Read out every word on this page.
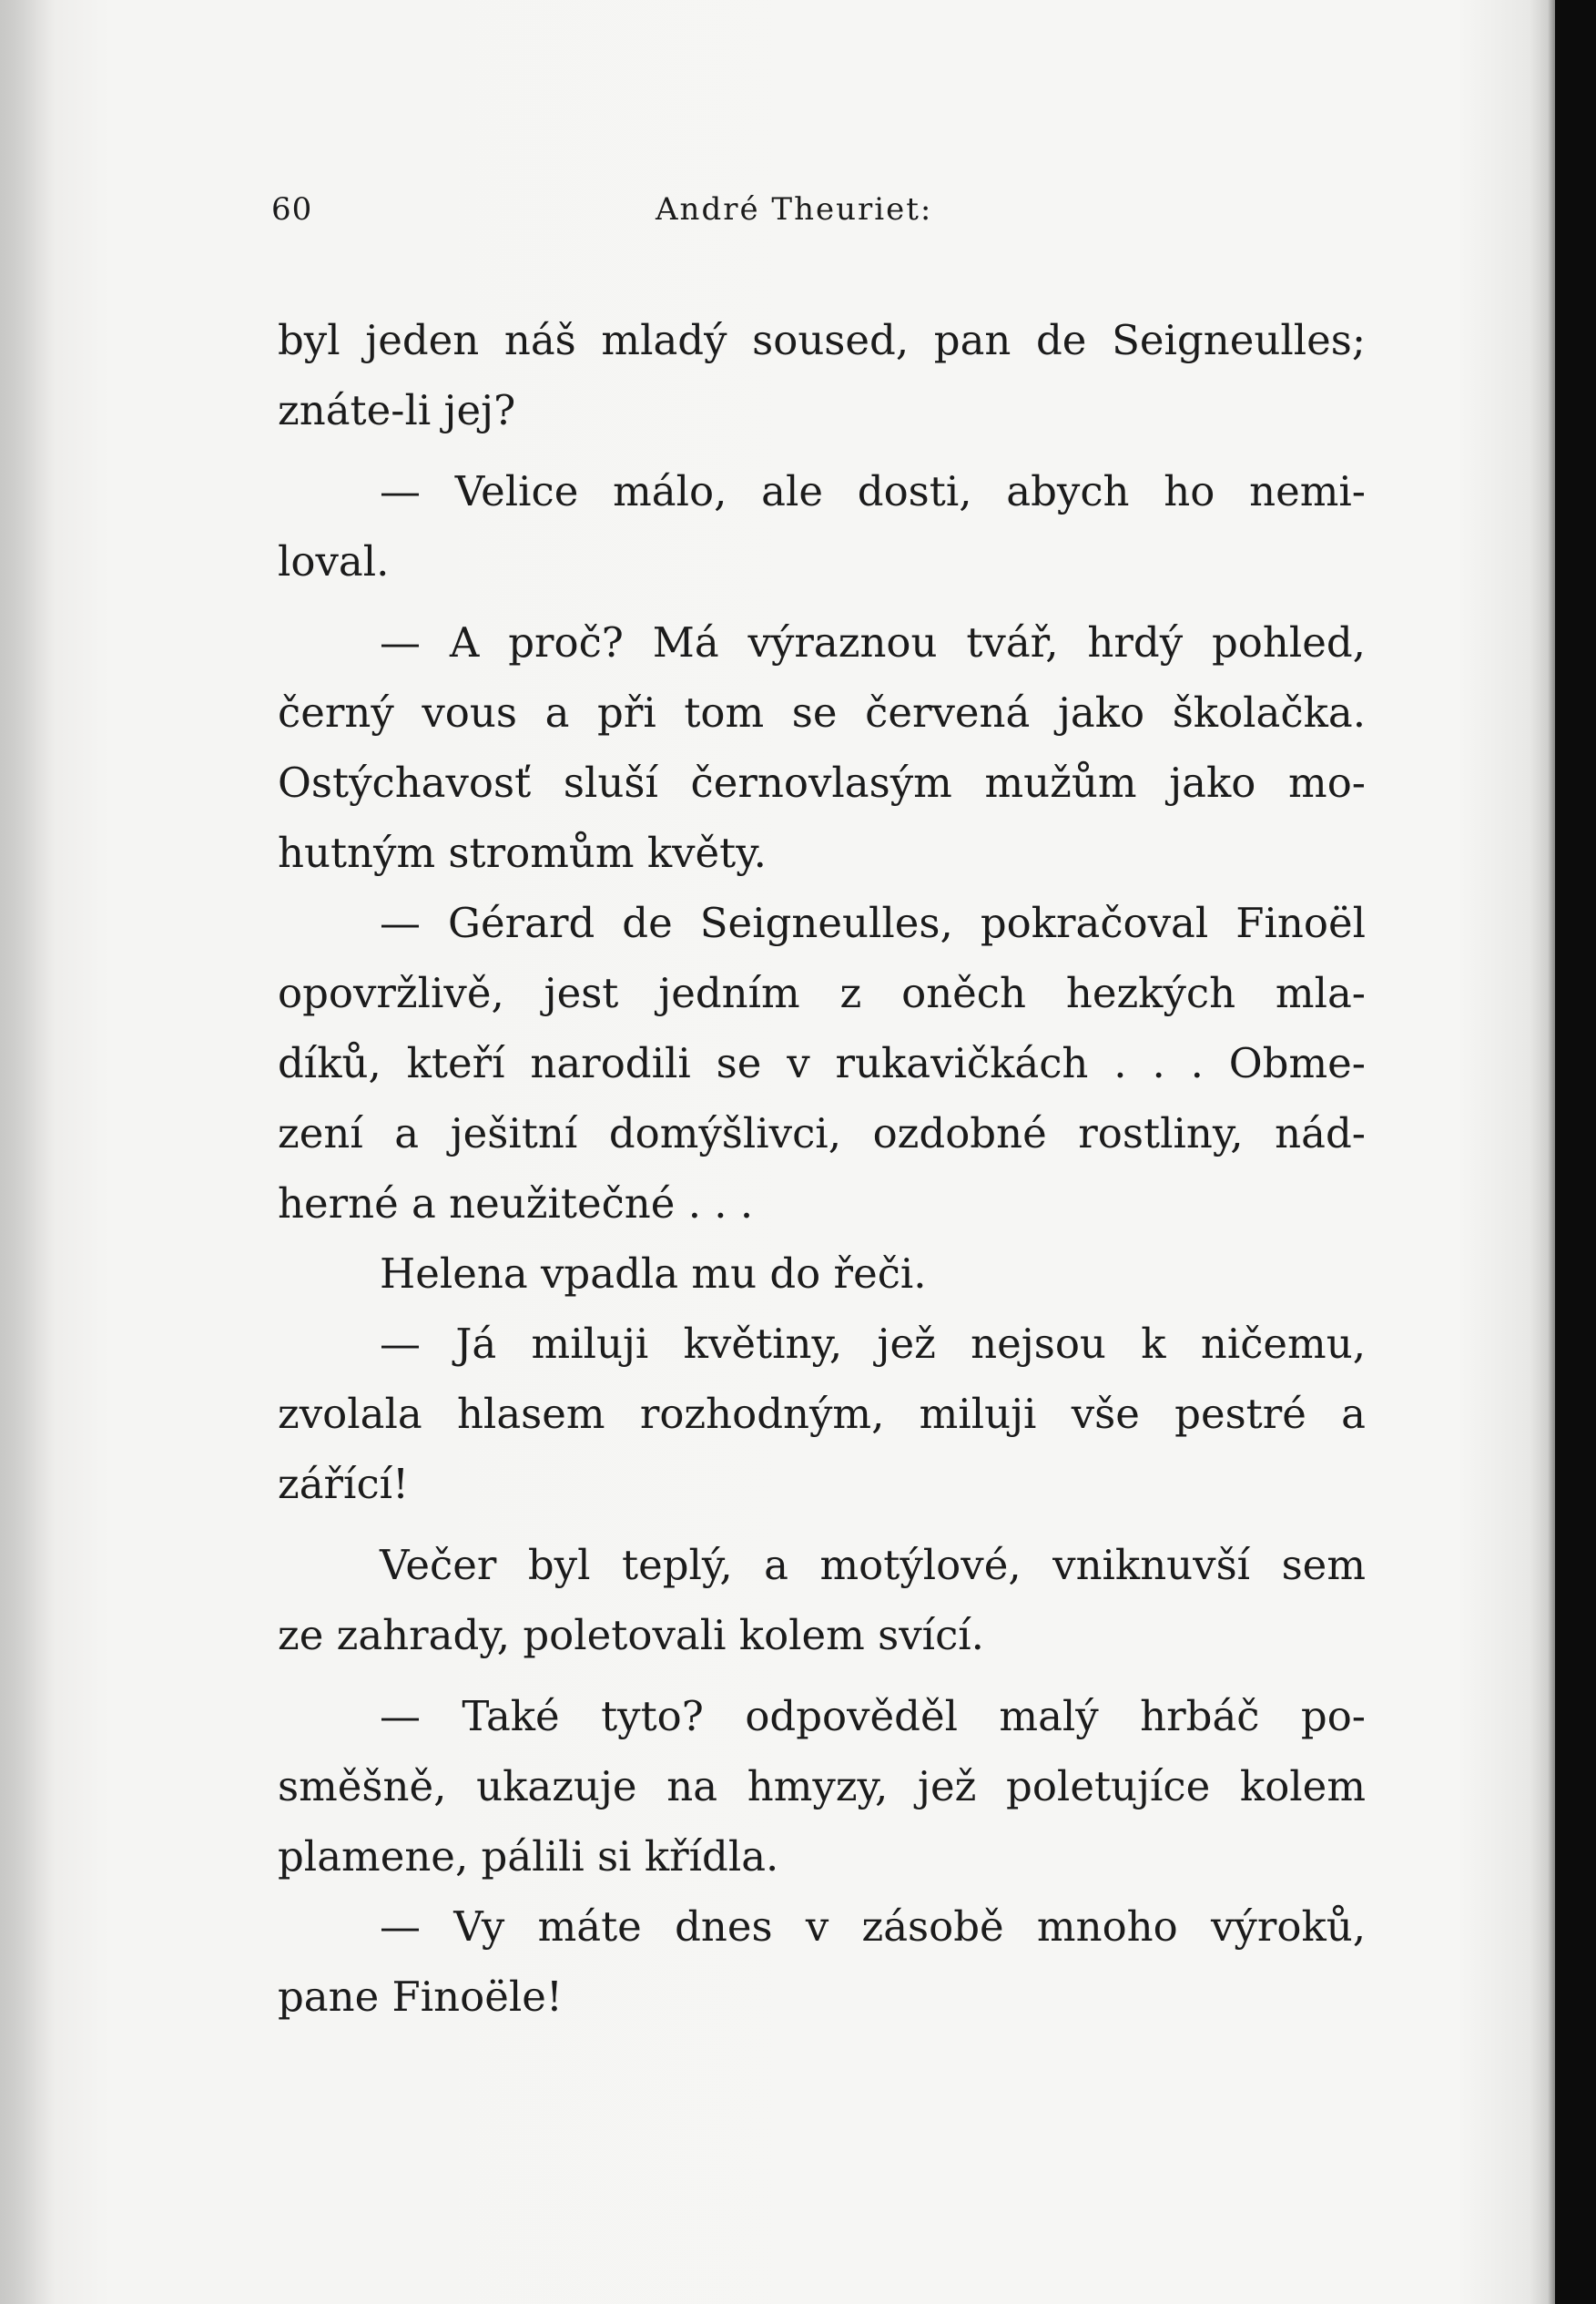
60	André Theuriet:
byl jeden náš mladý soused, pan de Seigneulles;
znáte-li jej?
— Velice málo, ale dosti, abych ho nemi-
loval.
— A proč? Má výraznou tvář, hrdý pohled,
černý vous a při tom se červená jako školačka.
Ostýchavosť sluší černovlasým mužům jako mo-
hutným stromům květy.
— Gérard de Seigneulles, pokračoval Finoël
opovržlivě, jest jedním z oněch hezkých mla-
díků, kteří narodili se v rukavičkách . . . Obme-
zení a ješitní domýšlivci, ozdobné rostliny, nád-
herné a neužitečné . . .
Helena vpadla mu do řeči.
— Já miluji květiny, jež nejsou k ničemu,
zvolala hlasem rozhodným, miluji vše pestré a
zářící!
Večer byl teplý, a motýlové, vniknuvší sem
ze zahrady, poletovali kolem svící.
— Také tyto? odpověděl malý hrbáč po-
směšně, ukazuje na hmyzy, jež poletujíce kolem
plamene, pálili si křídla.
— Vy máte dnes v zásobě mnoho výroků,
pane Finoële!
